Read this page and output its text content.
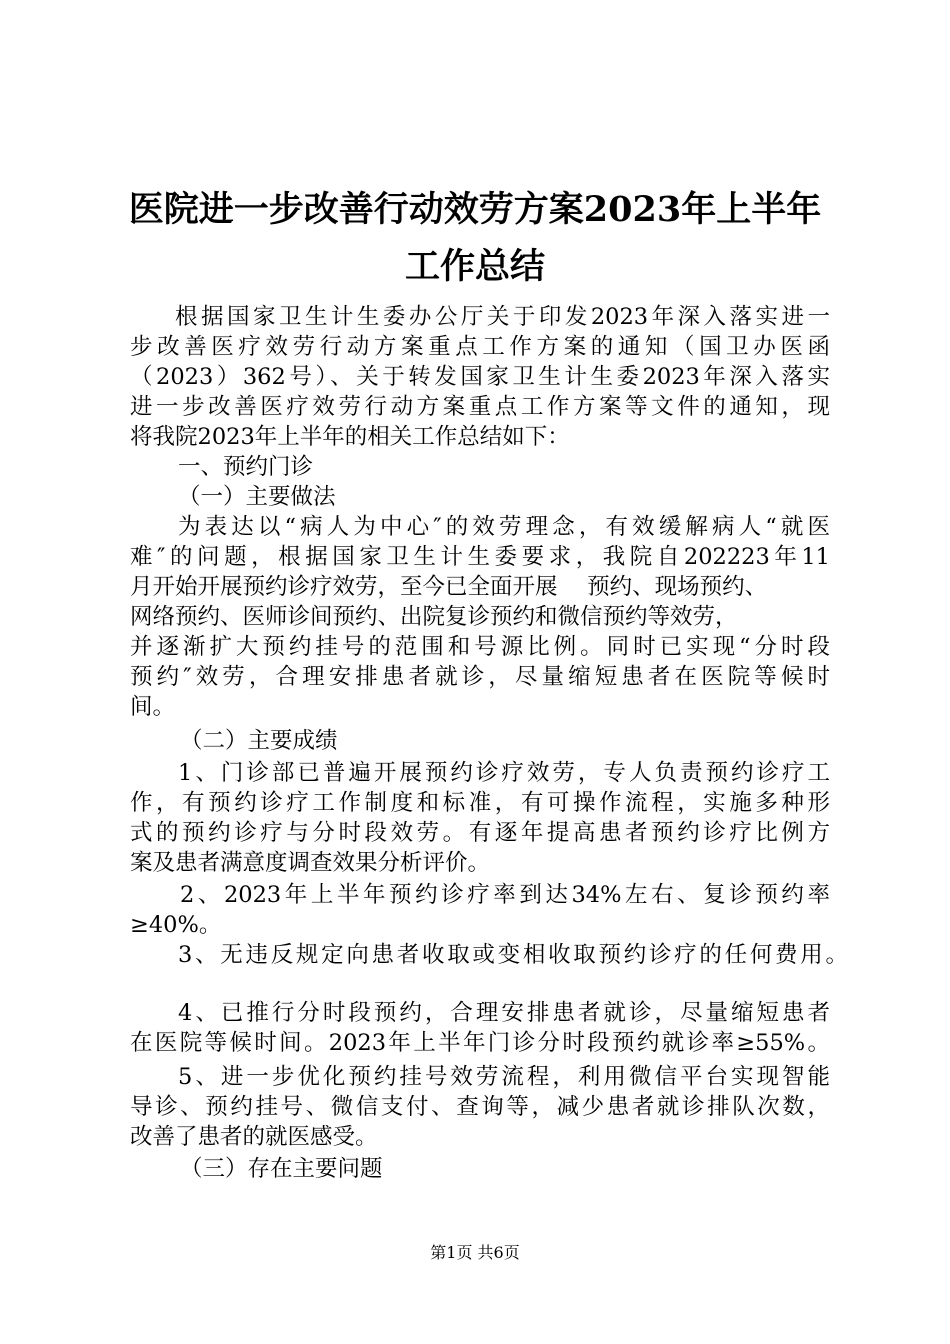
医院进一步改善行动效劳方案2023年上半年
工作总结
根据国家卫生计生委办公厅关于印发2023年深入落实进一
步改善医疗效劳行动方案重点工作方案的通知（国卫办医函
（2023）362号）、关于转发国家卫生计生委2023年深入落实
进一步改善医疗效劳行动方案重点工作方案等文件的通知，现
将我院2023年上半年的相关工作总结如下：
一、预约门诊
（一）主要做法
为表达以“病人为中心″的效劳理念，有效缓解病人“就医
难″的问题，根据国家卫生计生委要求，我院自202223年11
月开始开展预约诊疗效劳，至今已全面开展　 预约、现场预约、
网络预约、医师诊间预约、出院复诊预约和微信预约等效劳，
并逐渐扩大预约挂号的范围和号源比例。同时已实现“分时段
预约″效劳，合理安排患者就诊，尽量缩短患者在医院等候时
间。
（二）主要成绩
1、门诊部已普遍开展预约诊疗效劳，专人负责预约诊疗工
作，有预约诊疗工作制度和标准，有可操作流程，实施多种形
式的预约诊疗与分时段效劳。有逐年提高患者预约诊疗比例方
案及患者满意度调查效果分析评价。
2、2023年上半年预约诊疗率到达34%左右、复诊预约率
≥40%。
3、无违反规定向患者收取或变相收取预约诊疗的任何费用。
4、已推行分时段预约，合理安排患者就诊，尽量缩短患者
在医院等候时间。2023年上半年门诊分时段预约就诊率≥55%。
5、进一步优化预约挂号效劳流程，利用微信平台实现智能
导诊、预约挂号、微信支付、查询等，减少患者就诊排队次数，
改善了患者的就医感受。
（三）存在主要问题
第1页 共6页
